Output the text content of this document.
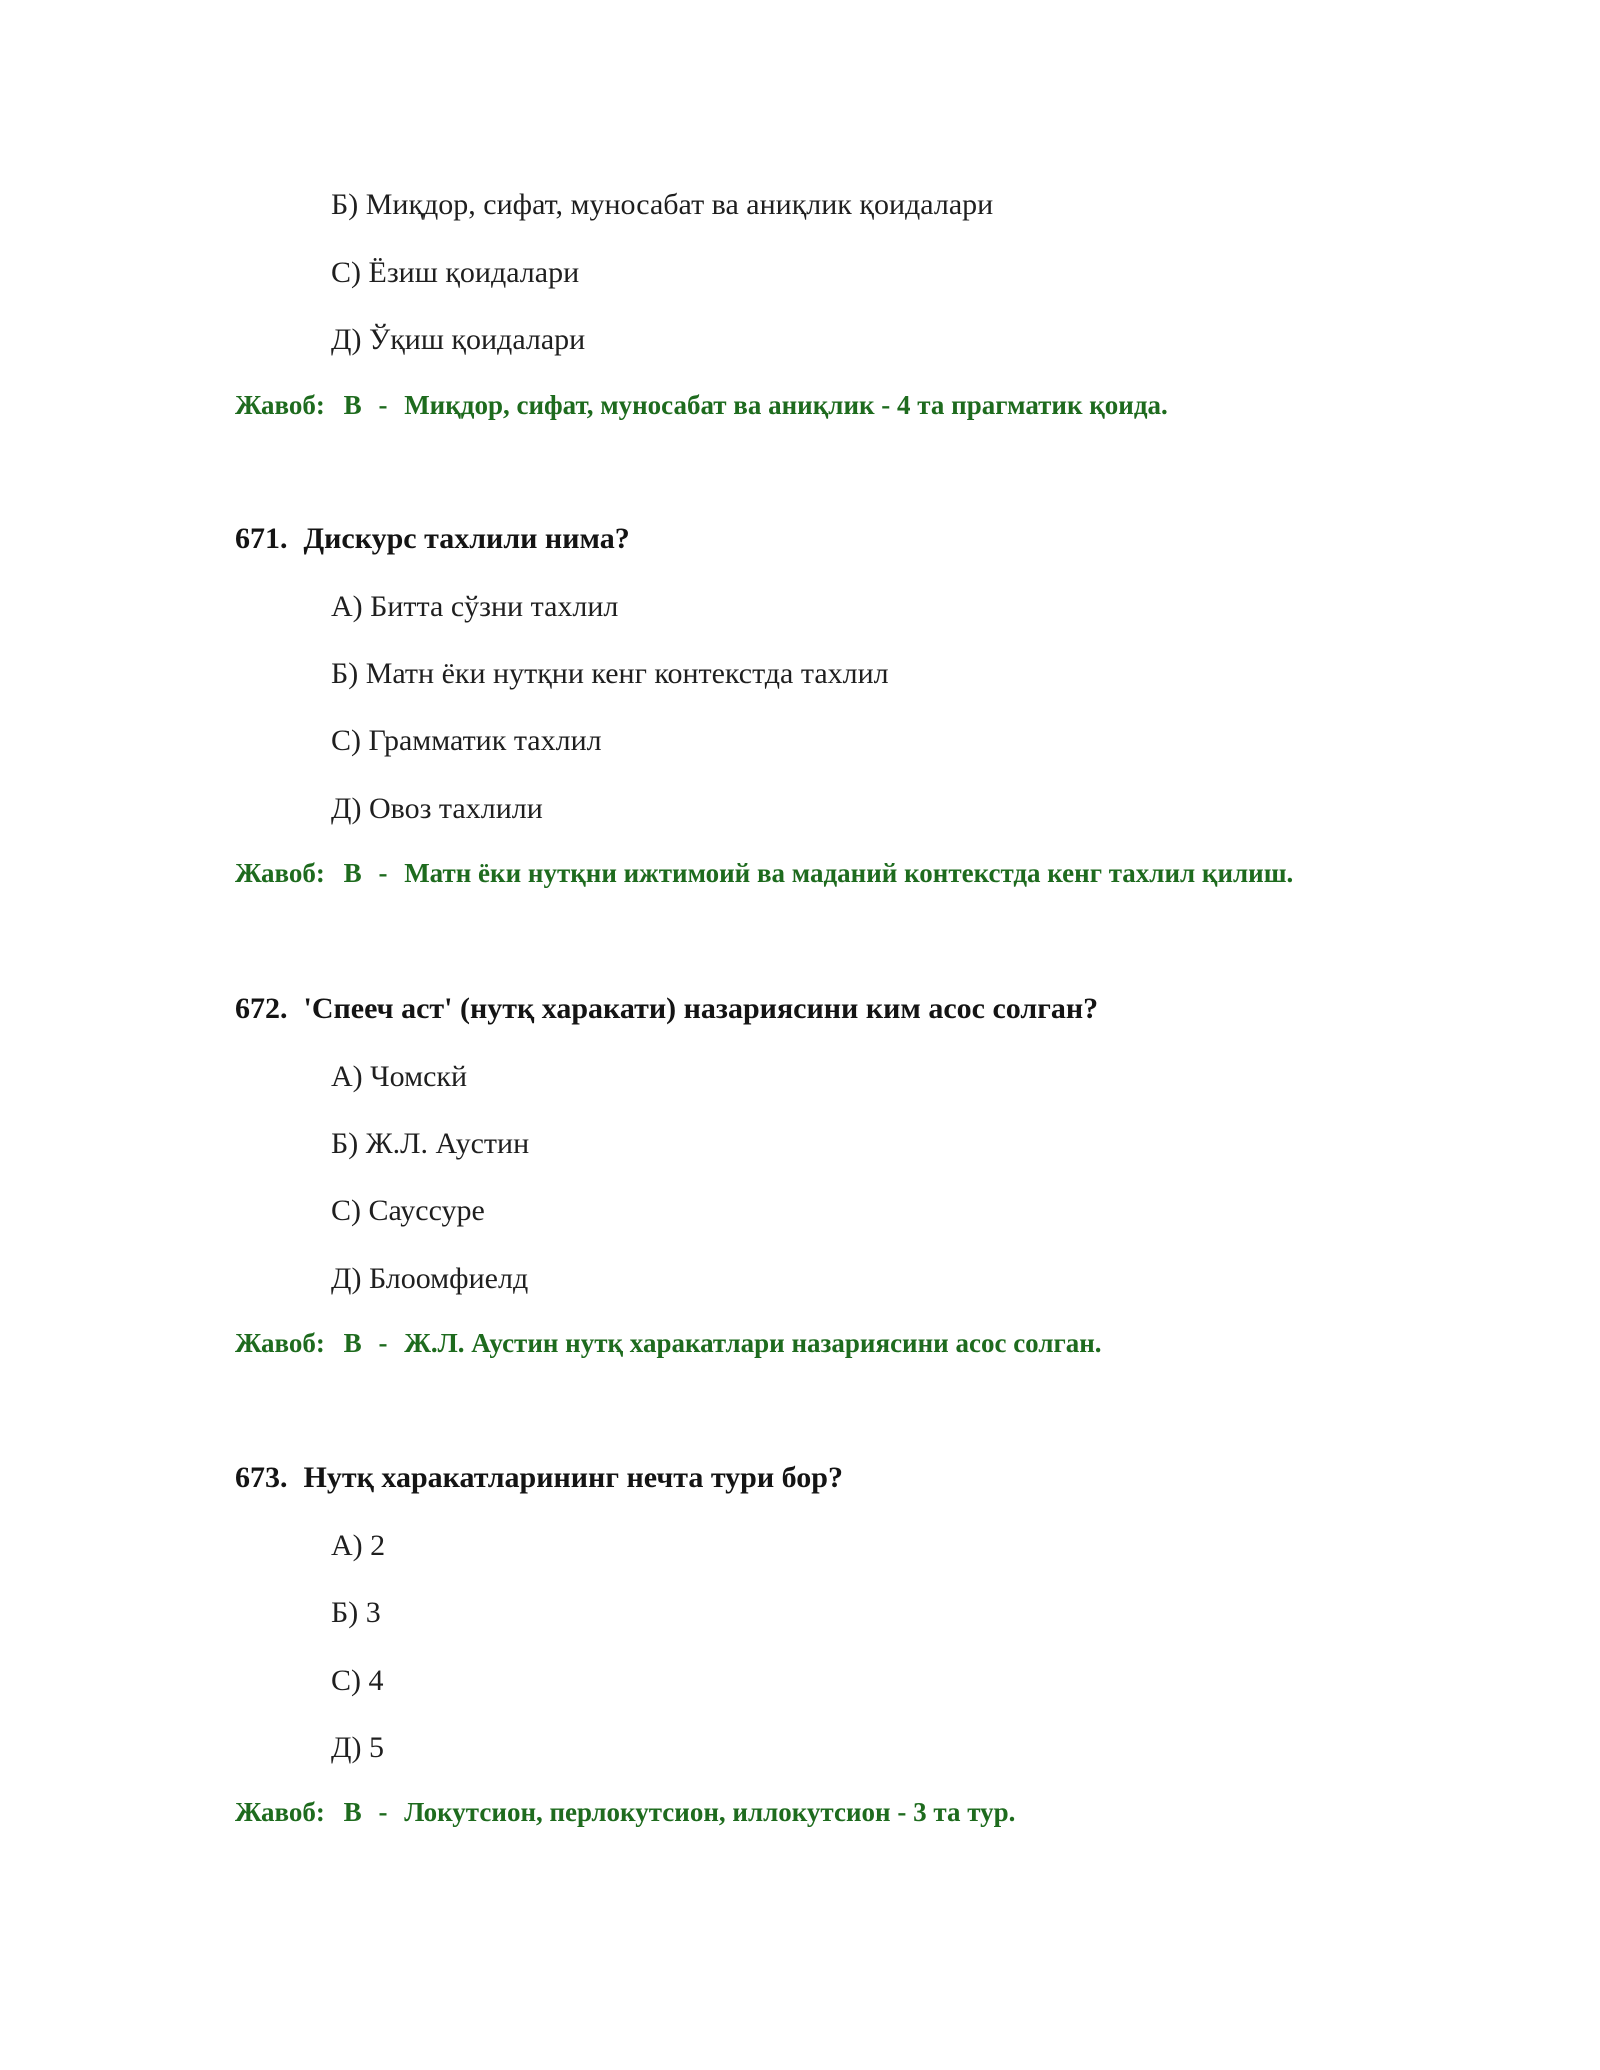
Б) Миқдор, сифат, муносабат ва аниқлик қоидалари
С) Ёзиш қоидалари
Д) Ўқиш қоидалари
Жавоб: B - Миқдор, сифат, муносабат ва аниқлик - 4 та прагматик қоида.
671. Дискурс тахлили нима?
А) Битта сўзни тахлил
Б) Матн ёки нутқни кенг контекстда тахлил
С) Грамматик тахлил
Д) Овоз тахлили
Жавоб: B - Матн ёки нутқни ижтимоий ва маданий контекстда кенг тахлил қилиш.
672. 'Спееч аст' (нутқ харакати) назариясини ким асос солган?
А) Чомскй
Б) Ж.Л. Аустин
С) Сауссуре
Д) Блоомфиелд
Жавоб: B - Ж.Л. Аустин нутқ харакатлари назариясини асос солган.
673. Нутқ харакатларининг нечта тури бор?
А) 2
Б) 3
С) 4
Д) 5
Жавоб: B - Локутсион, перлокутсион, иллокутсион - 3 та тур.
